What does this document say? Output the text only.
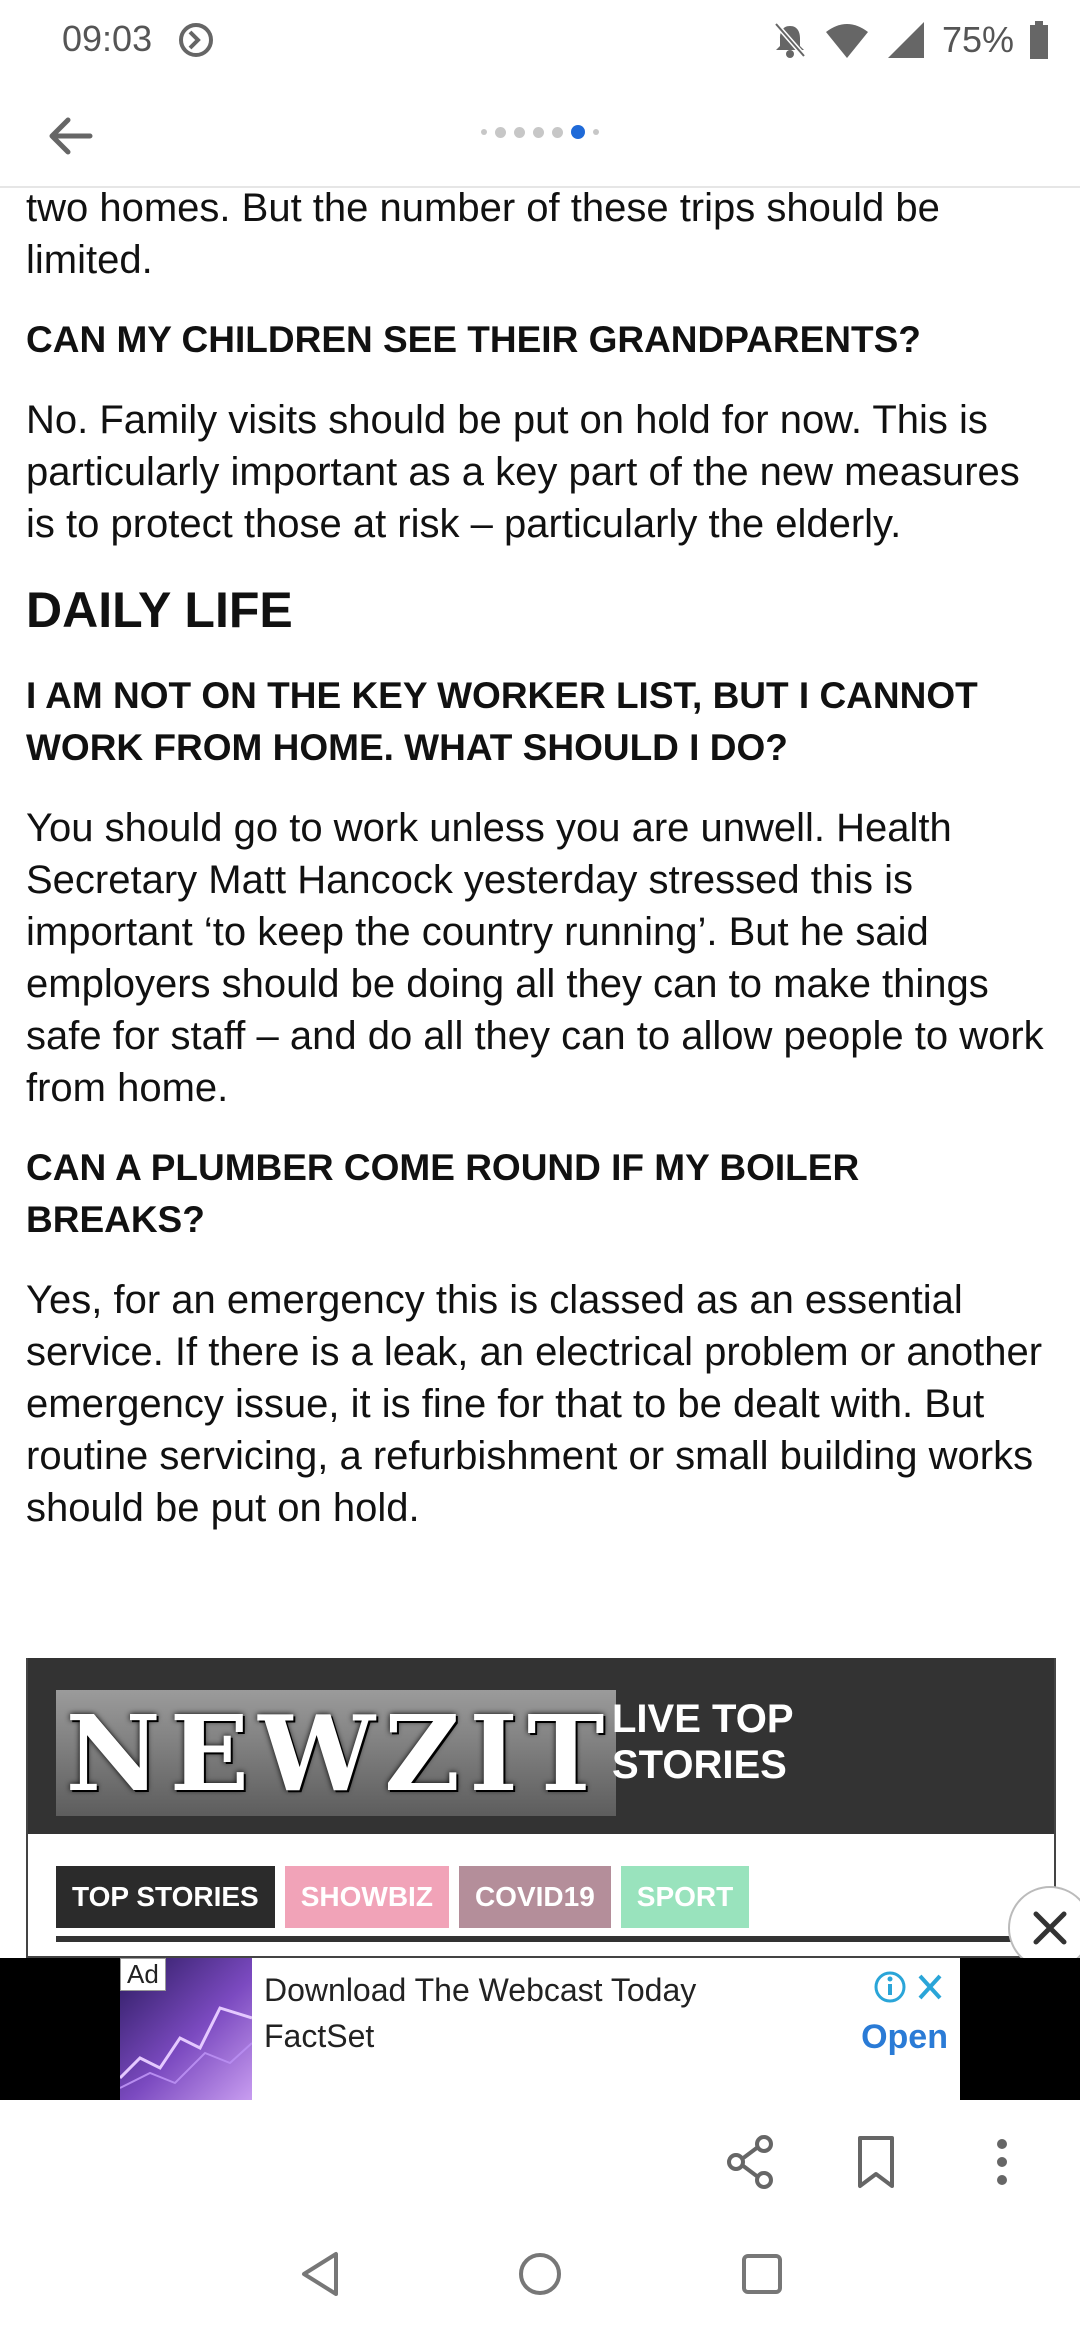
09:03	75%

two homes. But the number of these trips should be limited.

CAN MY CHILDREN SEE THEIR GRANDPARENTS?

No. Family visits should be put on hold for now. This is particularly important as a key part of the new measures is to protect those at risk – particularly the elderly.

DAILY LIFE

I AM NOT ON THE KEY WORKER LIST, BUT I CANNOT WORK FROM HOME. WHAT SHOULD I DO?

You should go to work unless you are unwell. Health Secretary Matt Hancock yesterday stressed this is important ‘to keep the country running’. But he said employers should be doing all they can to make things safe for staff – and do all they can to allow people to work from home.

CAN A PLUMBER COME ROUND IF MY BOILER BREAKS?

Yes, for an emergency this is classed as an essential service. If there is a leak, an electrical problem or another emergency issue, it is fine for that to be dealt with. But routine servicing, a refurbishment or small building works should be put on hold.

N E W Z I T LIVE TOP STORIES
TOP STORIES	SHOWBIZ	COVID19	SPORT
Ad	Download The Webcast Today
FactSet	Open
